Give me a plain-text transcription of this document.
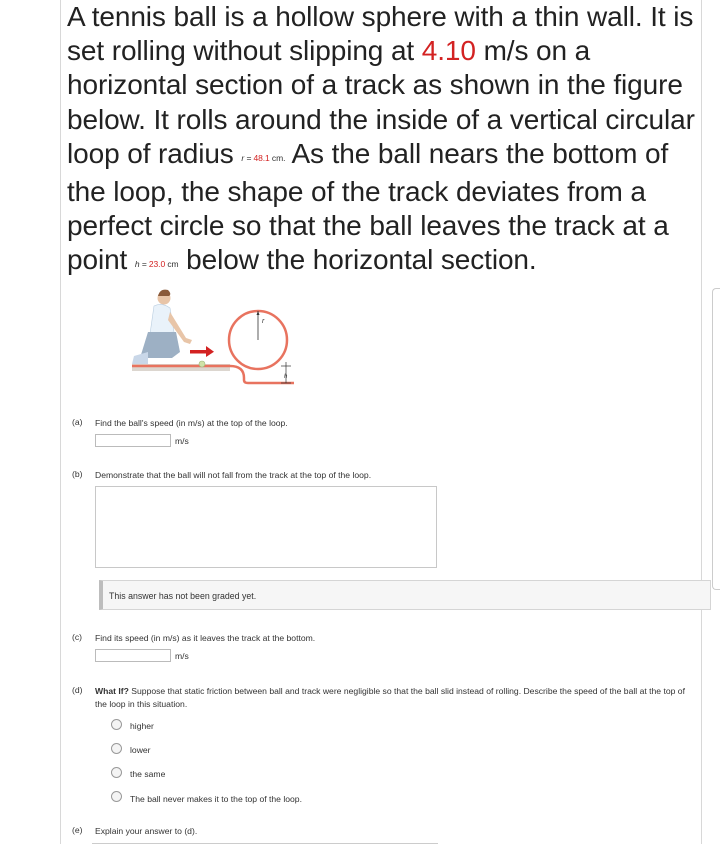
A tennis ball is a hollow sphere with a thin wall. It is set rolling without slipping at 4.10 m/s on a horizontal section of a track as shown in the figure below. It rolls around the inside of a vertical circular loop of radius r = 48.1 cm. As the ball nears the bottom of the loop, the shape of the track deviates from a perfect circle so that the ball leaves the track at a point h = 23.0 cm below the horizontal section.
r
h
(a) Find the ball's speed (in m/s) at the top of the loop.
m/s
(b) Demonstrate that the ball will not fall from the track at the top of the loop.
This answer has not been graded yet.
(c) Find its speed (in m/s) as it leaves the track at the bottom.
m/s
(d) What If? Suppose that static friction between ball and track were negligible so that the ball slid instead of rolling. Describe the speed of the ball at the top of the loop in this situation.
higher
lower
the same
The ball never makes it to the top of the loop.
(e) Explain your answer to (d).
